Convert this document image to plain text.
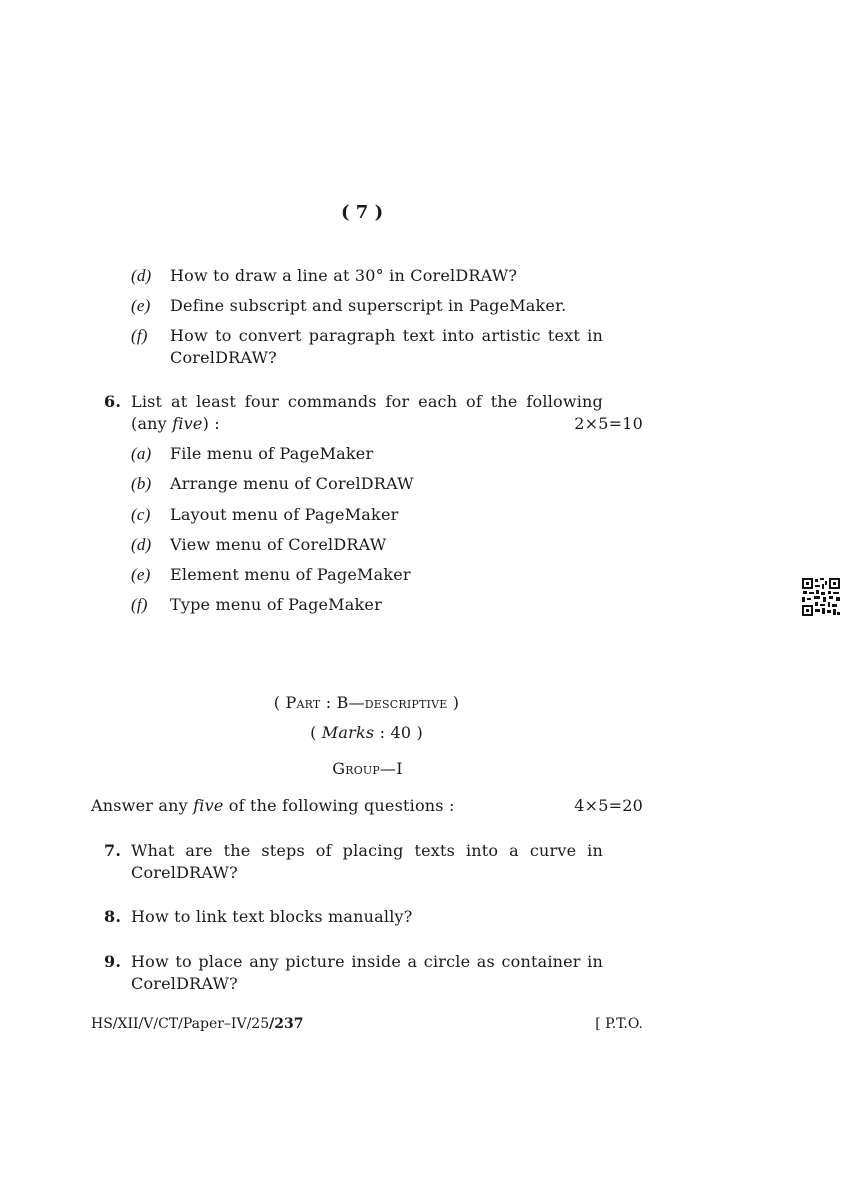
( 7 )
(d) How to draw a line at 30° in CorelDRAW?
(e) Define subscript and superscript in PageMaker.
(f) How to convert paragraph text into artistic text in
CorelDRAW?
6. List at least four commands for each of the following
(any five) :	2×5=10
(a) File menu of PageMaker
(b) Arrange menu of CorelDRAW
(c) Layout menu of PageMaker
(d) View menu of CorelDRAW
(e) Element menu of PageMaker
(f) Type menu of PageMaker
( Part : B—descriptive )
( Marks : 40 )
Group—I
Answer any five of the following questions :	4×5=20
7. What are the steps of placing texts into a curve in
CorelDRAW?
8. How to link text blocks manually?
9. How to place any picture inside a circle as container in
CorelDRAW?
HS/XII/V/CT/Paper–IV/25/237	[ P.T.O.
